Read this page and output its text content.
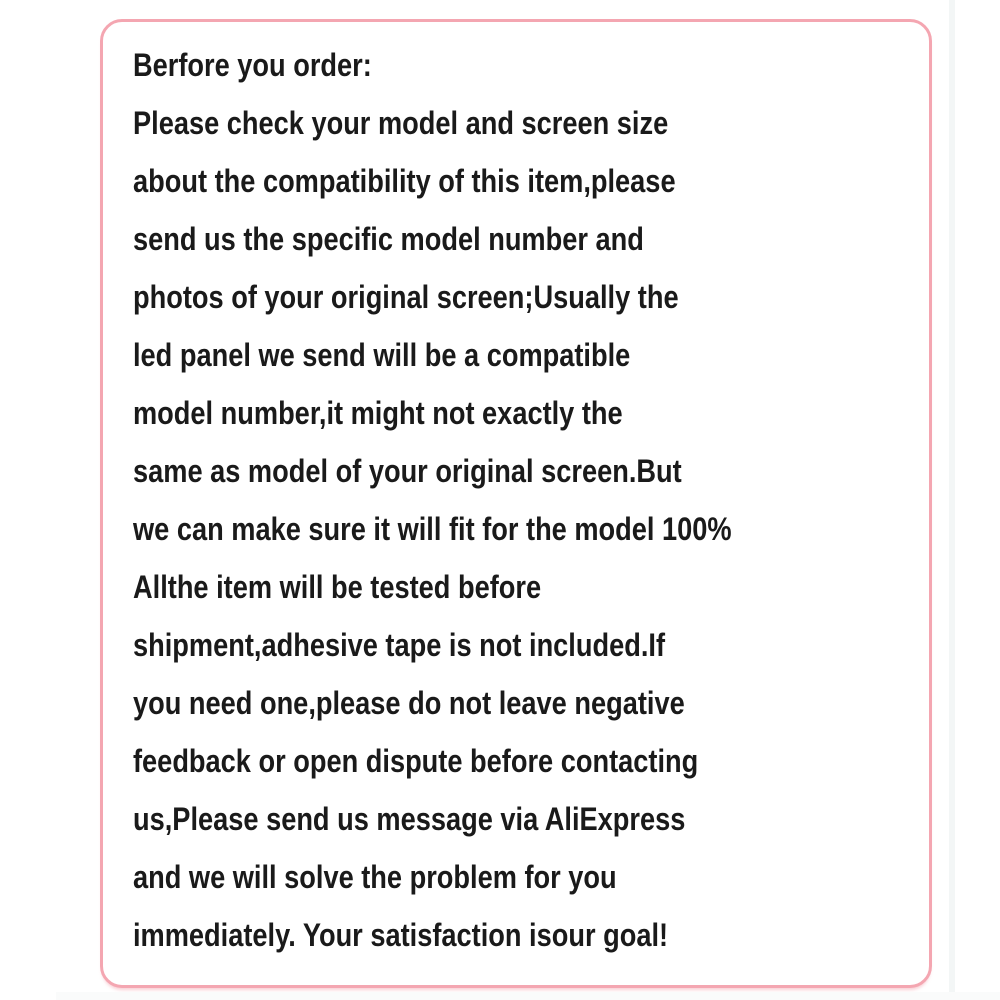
Berfore you order:
Please check your model and screen size
about the compatibility of this item,please
send us the specific model number and
photos of your original screen;Usually the
led panel we send will be a compatible
model number,it might not exactly the
same as model of your original screen.But
we can make sure it will fit for the model 100%
Allthe item will be tested before
shipment,adhesive tape is not included.If
you need one,please do not leave negative
feedback or open dispute before contacting
us,Please send us message via AliExpress
and we will solve the problem for you
immediately. Your satisfaction isour goal!
